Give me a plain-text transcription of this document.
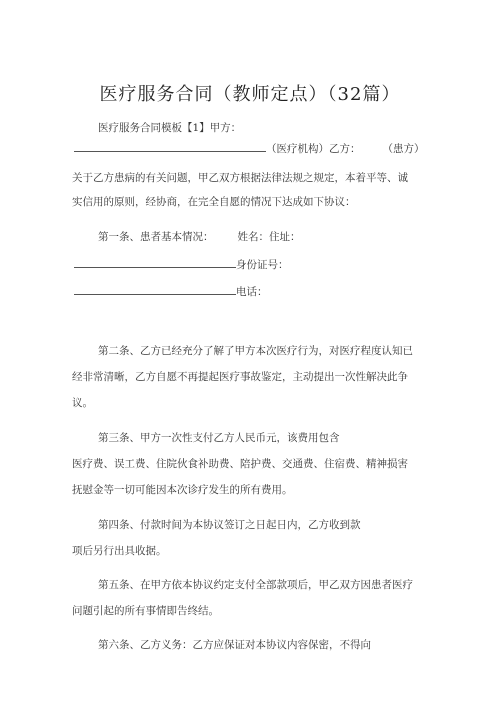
医疗服务合同（教师定点）（32篇）
医疗服务合同模板【1】甲方：
（医疗机构）乙方： （患方）
关于乙方患病的有关问题，甲乙双方根据法律法规之规定，本着平等、诚
实信用的原则，经协商，在完全自愿的情况下达成如下协议：
第一条、患者基本情况： 姓名：住址：
身份证号：
电话：
第二条、乙方已经充分了解了甲方本次医疗行为，对医疗程度认知已
经非常清晰，乙方自愿不再提起医疗事故鉴定，主动提出一次性解决此争
议。
第三条、甲方一次性支付乙方人民币元，该费用包含
医疗费、误工费、住院伙食补助费、陪护费、交通费、住宿费、精神损害
抚慰金等一切可能因本次诊疗发生的所有费用。
第四条、付款时间为本协议签订之日起日内，乙方收到款
项后另行出具收据。
第五条、在甲方依本协议约定支付全部款项后，甲乙双方因患者医疗
问题引起的所有事情即告终结。
第六条、乙方义务：乙方应保证对本协议内容保密，不得向
